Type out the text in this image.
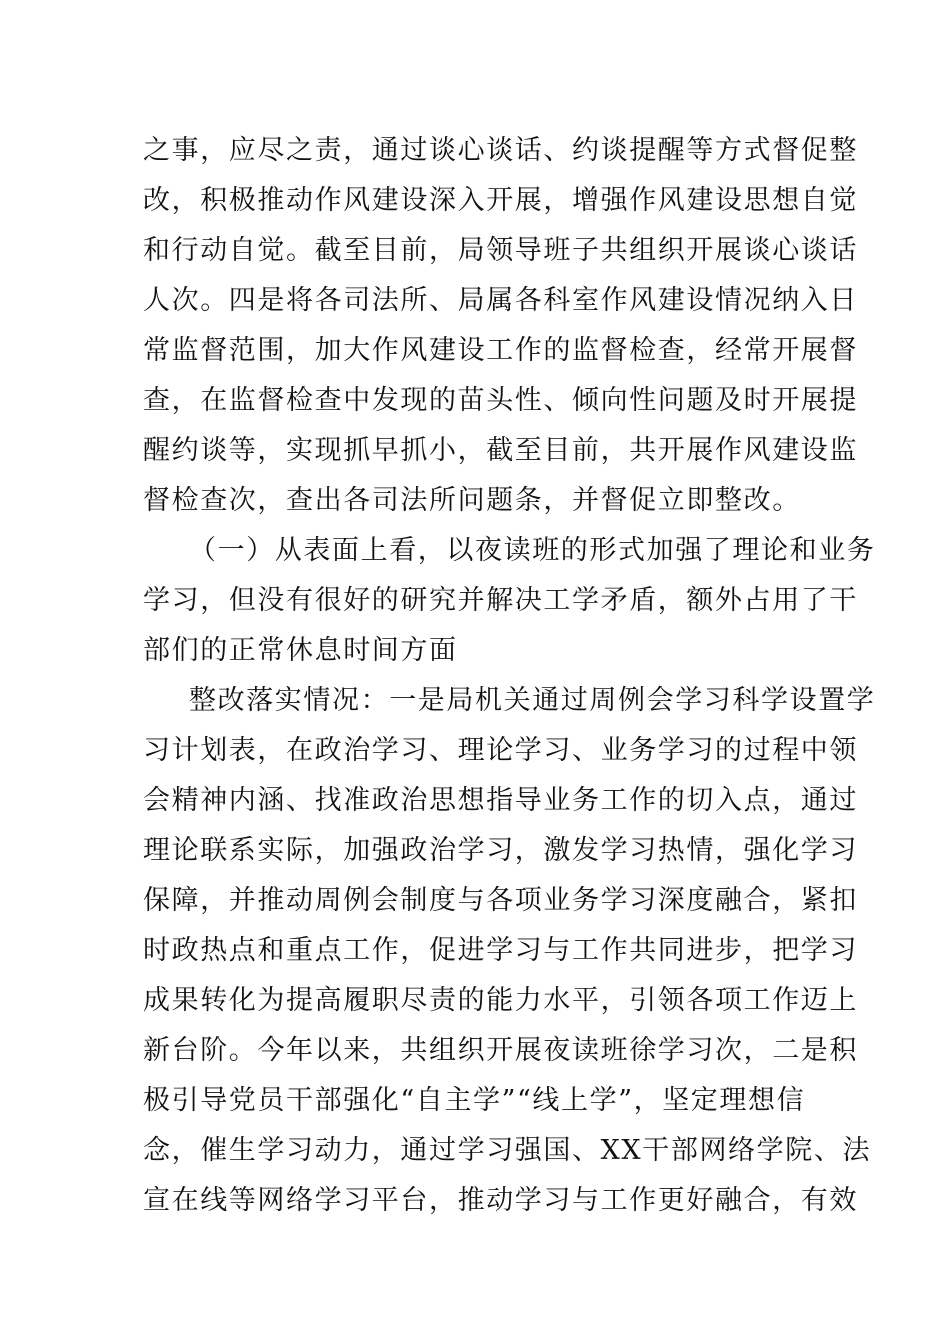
之事，应尽之责，通过谈心谈话、约谈提醒等方式督促整
改，积极推动作风建设深入开展，增强作风建设思想自觉
和行动自觉。截至目前，局领导班子共组织开展谈心谈话
人次。四是将各司法所、局属各科室作风建设情况纳入日
常监督范围，加大作风建设工作的监督检查，经常开展督
查，在监督检查中发现的苗头性、倾向性问题及时开展提
醒约谈等，实现抓早抓小，截至目前，共开展作风建设监
督检查次，查出各司法所问题条，并督促立即整改。
（一）从表面上看，以夜读班的形式加强了理论和业务
学习，但没有很好的研究并解决工学矛盾，额外占用了干
部们的正常休息时间方面
整改落实情况：一是局机关通过周例会学习科学设置学
习计划表，在政治学习、理论学习、业务学习的过程中领
会精神内涵、找准政治思想指导业务工作的切入点，通过
理论联系实际，加强政治学习，激发学习热情，强化学习
保障，并推动周例会制度与各项业务学习深度融合，紧扣
时政热点和重点工作，促进学习与工作共同进步，把学习
成果转化为提高履职尽责的能力水平，引领各项工作迈上
新台阶。今年以来，共组织开展夜读班徐学习次，二是积
极引导党员干部强化“自主学”“线上学”，坚定理想信
念，催生学习动力，通过学习强国、XX干部网络学院、法
宣在线等网络学习平台，推动学习与工作更好融合，有效
